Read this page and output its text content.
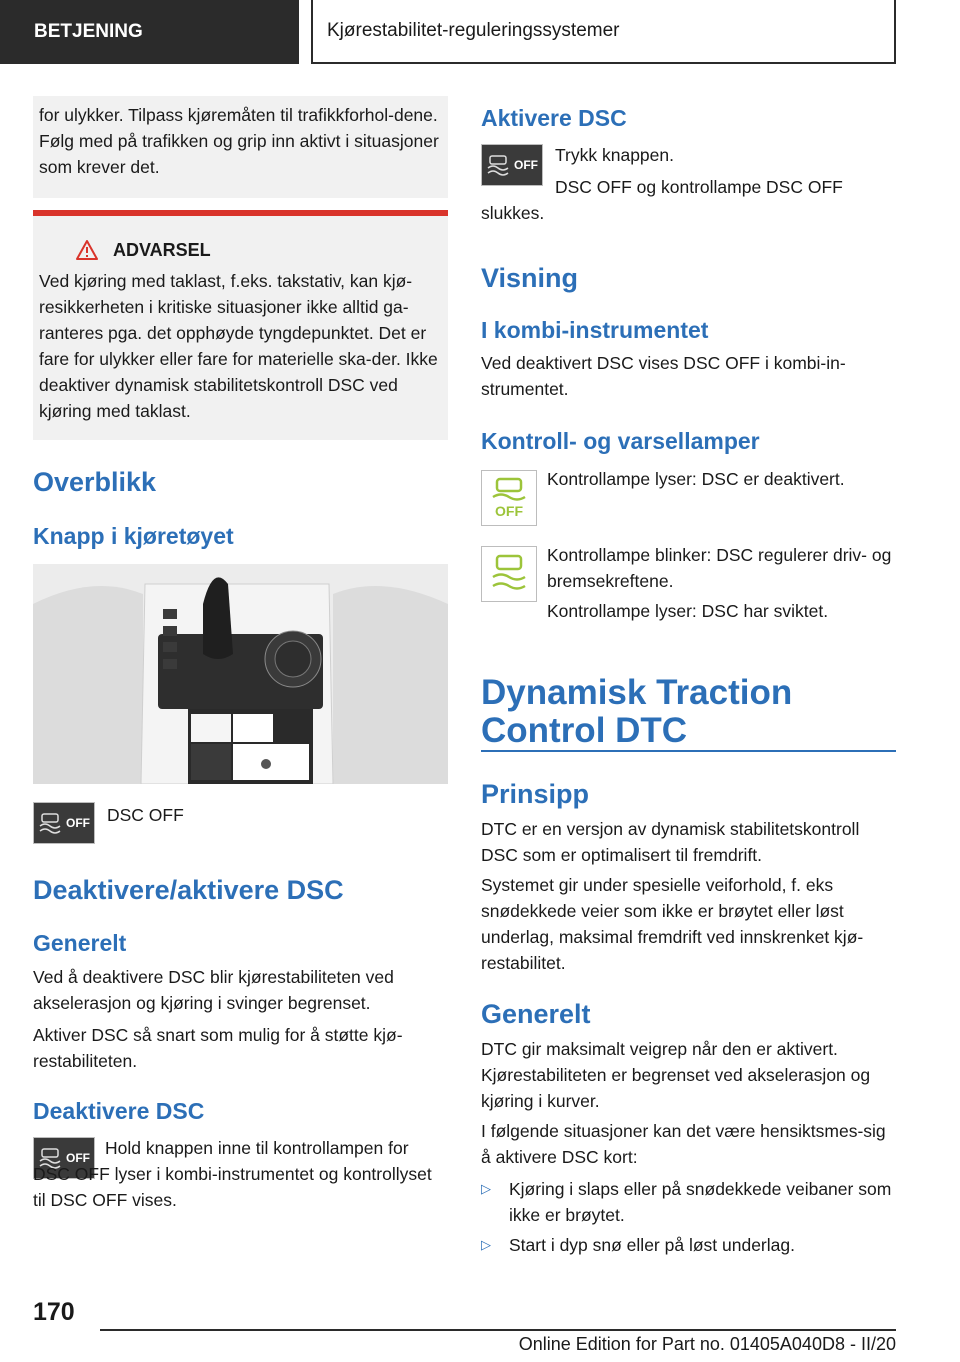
BETJENING	Kjørestabilitet-reguleringssystemer

for ulykker. Tilpass kjøremåten til trafikkforhol-dene. Følg med på trafikken og grip inn aktivt i situasjoner som krever det.

ADVARSEL

Ved kjøring med taklast, f.eks. takstativ, kan kjø-resikkerheten i kritiske situasjoner ikke alltid ga-ranteres pga. det opphøyde tyngdepunktet. Det er fare for ulykker eller fare for materielle ska-der. Ikke deaktiver dynamisk stabilitetskontroll DSC ved kjøring med taklast.

Overblikk
Knapp i kjøretøyet
OFF DSC OFF

Deaktivere/aktivere DSC
Generelt

Ved å deaktivere DSC blir kjørestabiliteten ved akselerasjon og kjøring i svinger begrenset.

Aktiver DSC så snart som mulig for å støtte kjø-restabiliteten.

Deaktivere DSC
OFF Hold knappen inne til kontrollampen for DSC OFF lyser i kombi-instrumentet og kontrollyset til DSC OFF vises.

Aktivere DSC
OFF Trykk knappen.

DSC OFF og kontrollampe DSC OFF slukkes.

Visning
I kombi-instrumentet

Ved deaktivert DSC vises DSC OFF i kombi-in-strumentet.

Kontroll- og varsellamper
OFF

Kontrollampe lyser: DSC er deaktivert.

Kontrollampe blinker: DSC regulerer driv- og bremsekreftene.

Kontrollampe lyser: DSC har sviktet.

Dynamisk Traction Control DTC
Prinsipp

DTC er en versjon av dynamisk stabilitetskontroll DSC som er optimalisert til fremdrift.

Systemet gir under spesielle veiforhold, f. eks snødekkede veier som ikke er brøytet eller løst underlag, maksimal fremdrift ved innskrenket kjø-restabilitet.

Generelt

DTC gir maksimalt veigrep når den er aktivert. Kjørestabiliteten er begrenset ved akselerasjon og kjøring i kurver.

I følgende situasjoner kan det være hensiktsmes-sig å aktivere DSC kort:

▷	Kjøring i slaps eller på snødekkede veibaner som ikke er brøytet.

▷	Start i dyp snø eller på løst underlag.

170
Online Edition for Part no. 01405A040D8 - II/20
